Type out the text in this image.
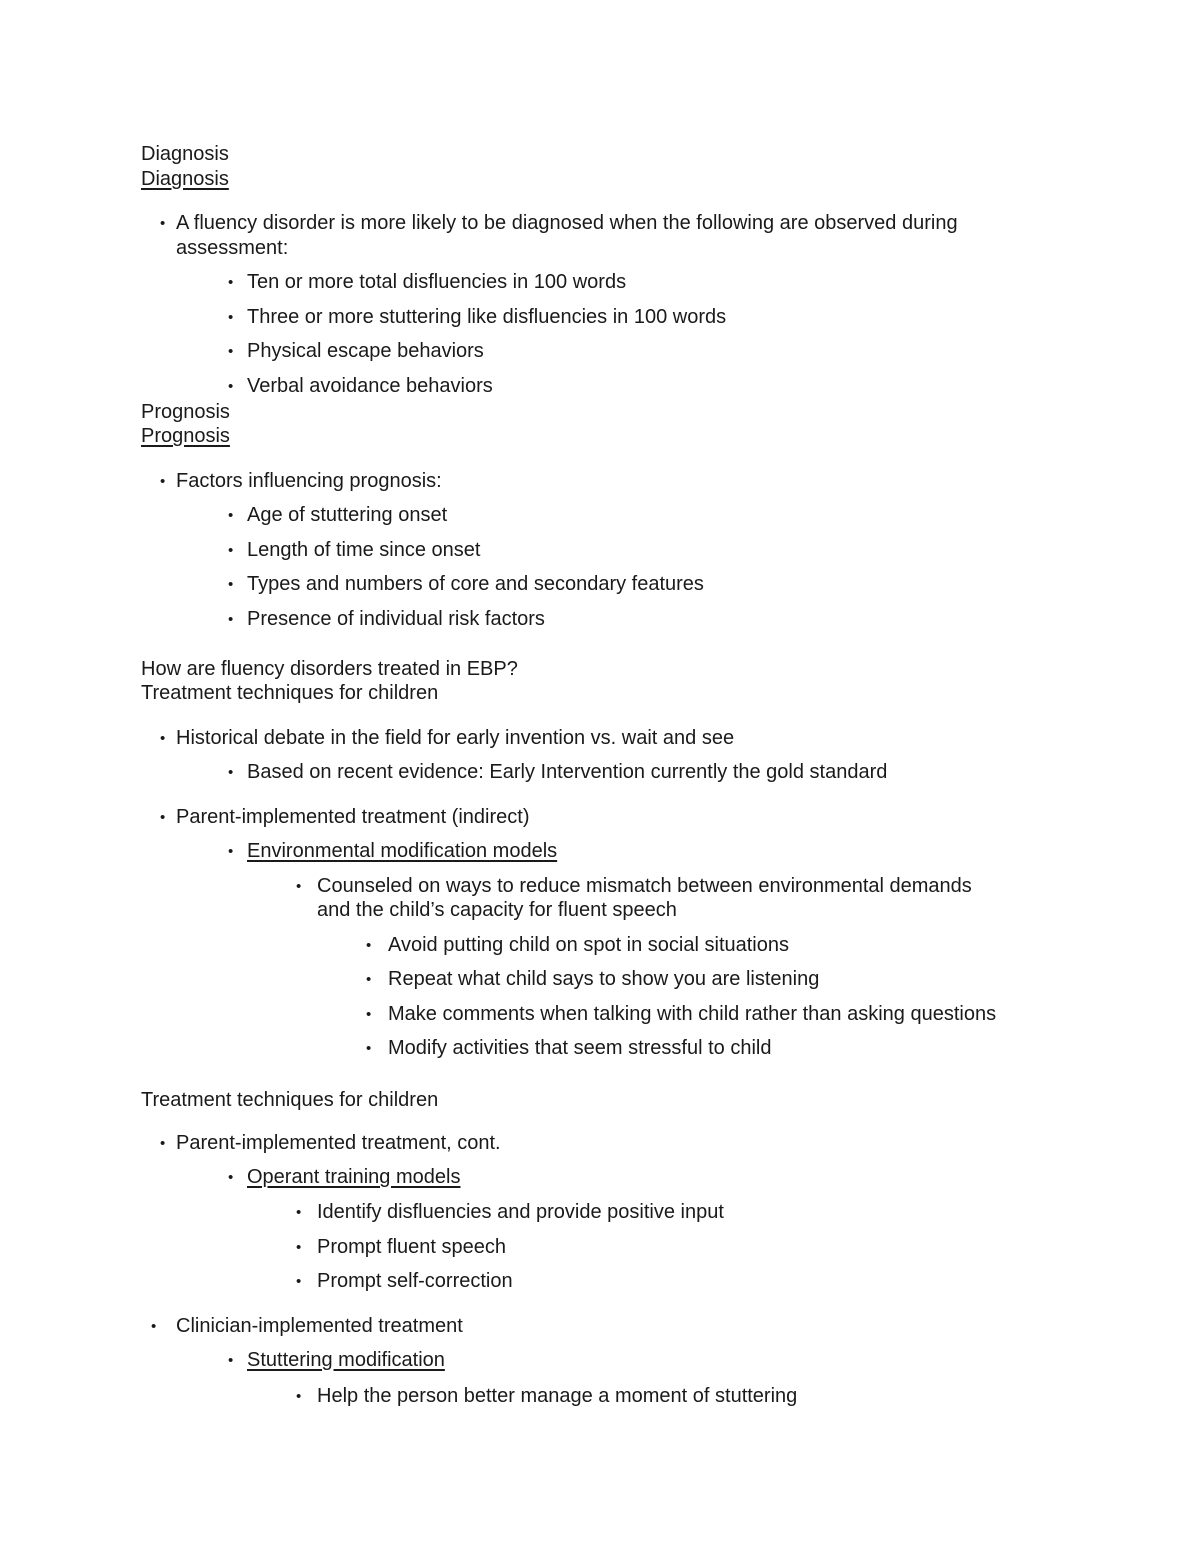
Diagnosis
Diagnosis
• A fluency disorder is more likely to be diagnosed when the following are observed during
assessment:
• Ten or more total disfluencies in 100 words
• Three or more stuttering like disfluencies in 100 words
• Physical escape behaviors
• Verbal avoidance behaviors
Prognosis
Prognosis
• Factors influencing prognosis:
• Age of stuttering onset
• Length of time since onset
• Types and numbers of core and secondary features
• Presence of individual risk factors
How are fluency disorders treated in EBP?
Treatment techniques for children
• Historical debate in the field for early invention vs. wait and see
• Based on recent evidence: Early Intervention currently the gold standard
• Parent-implemented treatment (indirect)
• Environmental modification models
• Counseled on ways to reduce mismatch between environmental demands
and the child’s capacity for fluent speech
• Avoid putting child on spot in social situations
• Repeat what child says to show you are listening
• Make comments when talking with child rather than asking questions
• Modify activities that seem stressful to child
Treatment techniques for children
• Parent-implemented treatment, cont.
• Operant training models
• Identify disfluencies and provide positive input
• Prompt fluent speech
• Prompt self-correction
• Clinician-implemented treatment
• Stuttering modification
• Help the person better manage a moment of stuttering
